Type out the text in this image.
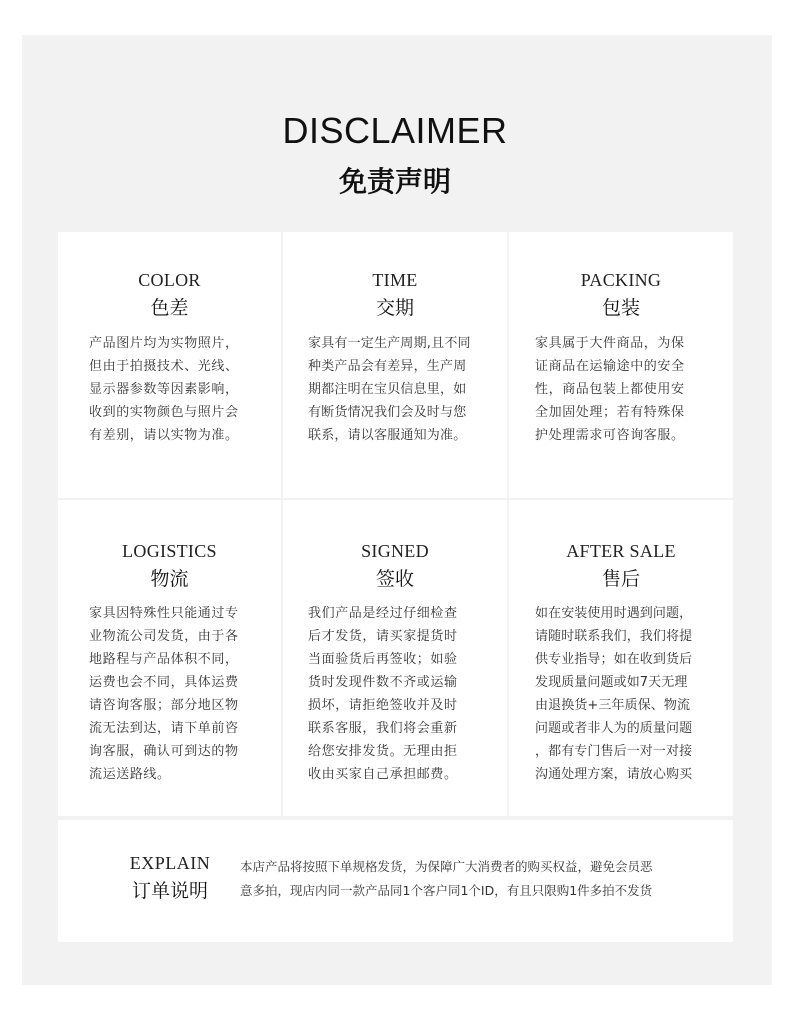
DISCLAIMER
免责声明
COLOR
色差
产品图片均为实物照片，
但由于拍摄技术、光线、
显示器参数等因素影响，
收到的实物颜色与照片会
有差别，请以实物为准。
TIME
交期
家具有一定生产周期,且不同
种类产品会有差异，生产周
期都注明在宝贝信息里，如
有断货情况我们会及时与您
联系，请以客服通知为准。
PACKING
包装
家具属于大件商品，为保
证商品在运输途中的安全
性，商品包装上都使用安
全加固处理；若有特殊保
护处理需求可咨询客服。
LOGISTICS
物流
家具因特殊性只能通过专
业物流公司发货，由于各
地路程与产品体积不同，
运费也会不同，具体运费
请咨询客服；部分地区物
流无法到达，请下单前咨
询客服，确认可到达的物
流运送路线。
SIGNED
签收
我们产品是经过仔细检查
后才发货，请买家提货时
当面验货后再签收；如验
货时发现件数不齐或运输
损坏，请拒绝签收并及时
联系客服，我们将会重新
给您安排发货。无理由拒
收由买家自己承担邮费。
AFTER SALE
售后
如在安装使用时遇到问题，
请随时联系我们，我们将提
供专业指导；如在收到货后
发现质量问题或如7天无理
由退换货+三年质保、物流
问题或者非人为的质量问题
，都有专门售后一对一对接
沟通处理方案，请放心购买
EXPLAIN
订单说明
本店产品将按照下单规格发货，为保障广大消费者的购买权益，避免会员恶
意多拍，现店内同一款产品同1个客户同1个ID，有且只限购1件多拍不发货
